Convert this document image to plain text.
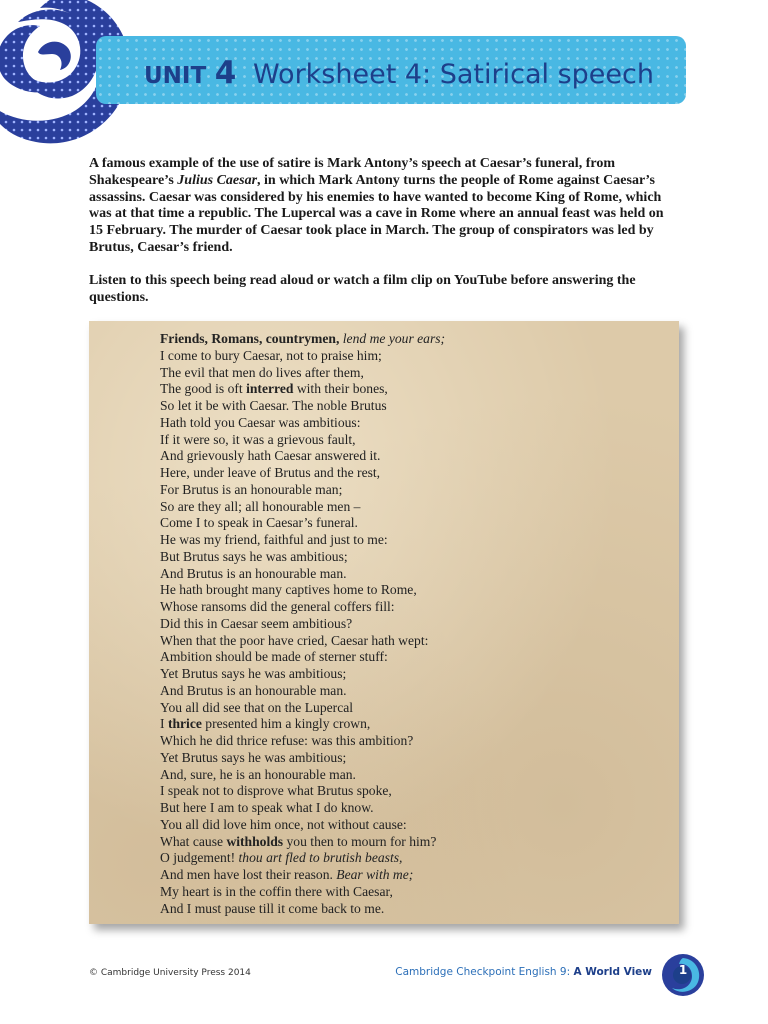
UNIT 4 Worksheet 4: Satirical speech

A famous example of the use of satire is Mark Antony’s speech at Caesar’s funeral, from Shakespeare’s Julius Caesar, in which Mark Antony turns the people of Rome against Caesar’s assassins. Caesar was considered by his enemies to have wanted to become King of Rome, which was at that time a republic. The Lupercal was a cave in Rome where an annual feast was held on 15 February. The murder of Caesar took place in March. The group of conspirators was led by Brutus, Caesar’s friend.

Listen to this speech being read aloud or watch a film clip on YouTube before answering the questions.

Friends, Romans, countrymen, lend me your ears;
I come to bury Caesar, not to praise him;
The evil that men do lives after them,
The good is oft interred with their bones,
So let it be with Caesar. The noble Brutus
Hath told you Caesar was ambitious:
If it were so, it was a grievous fault,
And grievously hath Caesar answered it.
Here, under leave of Brutus and the rest,
For Brutus is an honourable man;
So are they all; all honourable men –
Come I to speak in Caesar’s funeral.
He was my friend, faithful and just to me:
But Brutus says he was ambitious;
And Brutus is an honourable man.
He hath brought many captives home to Rome,
Whose ransoms did the general coffers fill:
Did this in Caesar seem ambitious?
When that the poor have cried, Caesar hath wept:
Ambition should be made of sterner stuff:
Yet Brutus says he was ambitious;
And Brutus is an honourable man.
You all did see that on the Lupercal
I thrice presented him a kingly crown,
Which he did thrice refuse: was this ambition?
Yet Brutus says he was ambitious;
And, sure, he is an honourable man.
I speak not to disprove what Brutus spoke,
But here I am to speak what I do know.
You all did love him once, not without cause:
What cause withholds you then to mourn for him?
O judgement! thou art fled to brutish beasts,
And men have lost their reason. Bear with me;
My heart is in the coffin there with Caesar,
And I must pause till it come back to me.
© Cambridge University Press 2014	Cambridge Checkpoint English 9: A World View	1
